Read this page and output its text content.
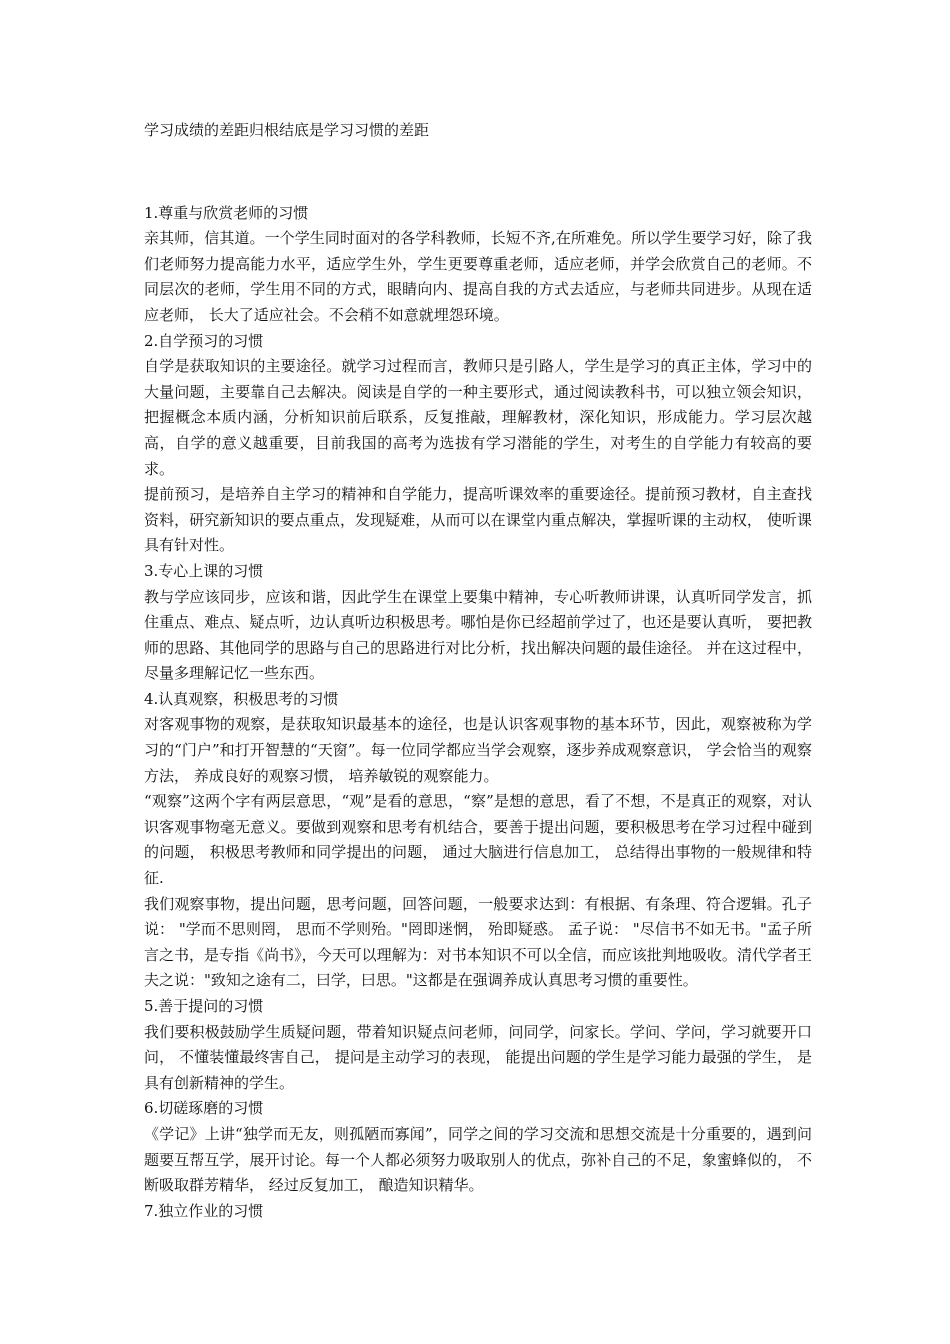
学习成绩的差距归根结底是学习习惯的差距
1.尊重与欣赏老师的习惯

亲其师，信其道。一个学生同时面对的各学科教师，长短不齐,在所难免。所以学生要学习好，除了我们老师努力提高能力水平，适应学生外，学生更要尊重老师，适应老师，并学会欣赏自己的老师。不同层次的老师，学生用不同的方式，眼睛向内、提高自我的方式去适应，与老师共同进步。从现在适应老师， 长大了适应社会。不会稍不如意就埋怨环境。

2.自学预习的习惯

自学是获取知识的主要途径。就学习过程而言，教师只是引路人，学生是学习的真正主体，学习中的大量问题，主要靠自己去解决。阅读是自学的一种主要形式，通过阅读教科书，可以独立领会知识，把握概念本质内涵，分析知识前后联系，反复推敲，理解教材，深化知识，形成能力。学习层次越高，自学的意义越重要，目前我国的高考为选拔有学习潜能的学生，对考生的自学能力有较高的要求。

提前预习，是培养自主学习的精神和自学能力，提高听课效率的重要途径。提前预习教材，自主查找资料，研究新知识的要点重点，发现疑难，从而可以在课堂内重点解决，掌握听课的主动权， 使听课具有针对性。

3.专心上课的习惯

教与学应该同步，应该和谐，因此学生在课堂上要集中精神，专心听教师讲课，认真听同学发言，抓住重点、难点、疑点听，边认真听边积极思考。哪怕是你已经超前学过了，也还是要认真听， 要把教师的思路、其他同学的思路与自己的思路进行对比分析，找出解决问题的最佳途径。 并在这过程中， 尽量多理解记忆一些东西。

4.认真观察，积极思考的习惯

对客观事物的观察，是获取知识最基本的途径，也是认识客观事物的基本环节，因此，观察被称为学习的“门户”和打开智慧的“天窗”。每一位同学都应当学会观察，逐步养成观察意识， 学会恰当的观察方法， 养成良好的观察习惯， 培养敏锐的观察能力。

“观察”这两个字有两层意思，“观”是看的意思，“察”是想的意思，看了不想，不是真正的观察，对认识客观事物毫无意义。要做到观察和思考有机结合，要善于提出问题，要积极思考在学习过程中碰到的问题， 积极思考教师和同学提出的问题， 通过大脑进行信息加工， 总结得出事物的一般规律和特征.

我们观察事物，提出问题，思考问题，回答问题，一般要求达到：有根据、有条理、符合逻辑。孔子说： "学而不思则罔， 思而不学则殆。"罔即迷惘， 殆即疑惑。 孟子说： "尽信书不如无书。"孟子所言之书，是专指《尚书》，今天可以理解为：对书本知识不可以全信，而应该批判地吸收。清代学者王夫之说："致知之途有二，曰学，曰思。"这都是在强调养成认真思考习惯的重要性。

5.善于提问的习惯

我们要积极鼓励学生质疑问题，带着知识疑点问老师，问同学，问家长。学问、学问，学习就要开口问， 不懂装懂最终害自己， 提问是主动学习的表现， 能提出问题的学生是学习能力最强的学生， 是具有创新精神的学生。

6.切磋琢磨的习惯

《学记》上讲“独学而无友，则孤陋而寡闻”，同学之间的学习交流和思想交流是十分重要的，遇到问题要互帮互学，展开讨论。每一个人都必须努力吸取别人的优点，弥补自己的不足，象蜜蜂似的， 不断吸取群芳精华， 经过反复加工， 酿造知识精华。

7.独立作业的习惯
